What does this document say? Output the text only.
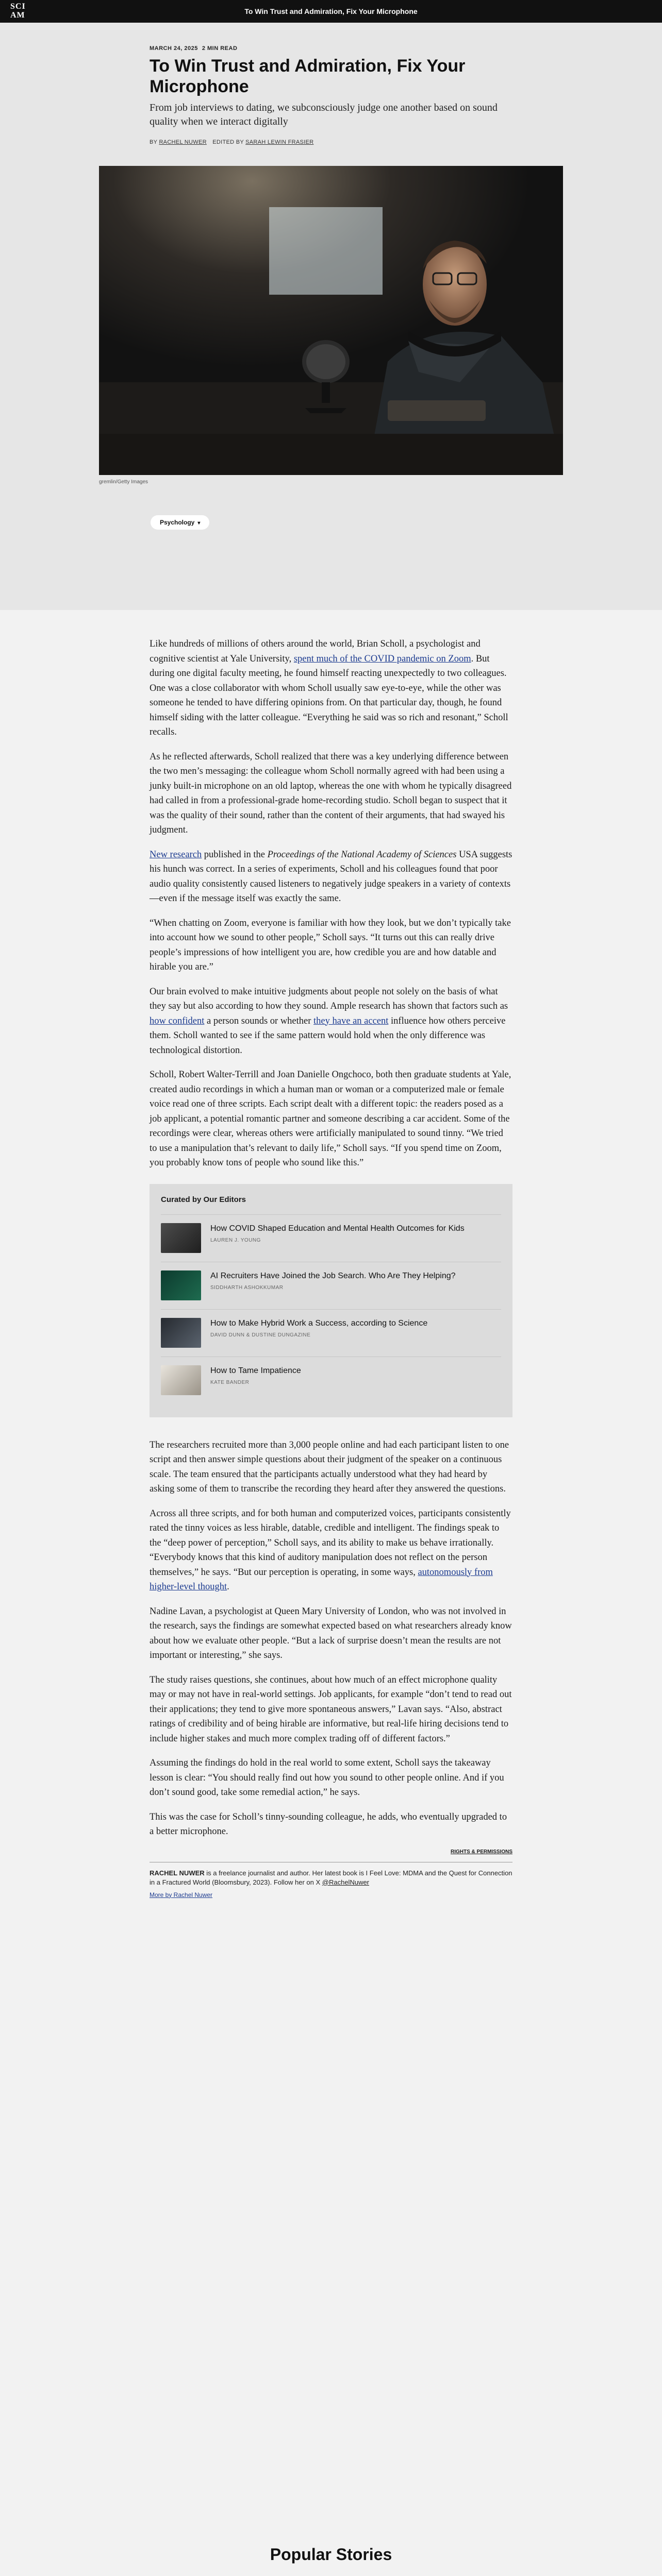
SCI
AM	To Win Trust and Admiration, Fix Your Microphone
MARCH 24, 2025 2 MIN READ
To Win Trust and Admiration, Fix Your Microphone

From job interviews to dating, we subconsciously judge one another based on sound quality when we interact digitally

BY RACHEL NUWER EDITED BY SARAH LEWIN FRASIER
gremlin/Getty Images
Psychology ▾

Like hundreds of millions of others around the world, Brian Scholl, a psychologist and cognitive scientist at Yale University, spent much of the COVID pandemic on Zoom. But during one digital faculty meeting, he found himself reacting unexpectedly to two colleagues. One was a close collaborator with whom Scholl usually saw eye-to-eye, while the other was someone he tended to have differing opinions from. On that particular day, though, he found himself siding with the latter colleague. “Everything he said was so rich and resonant,” Scholl recalls.

As he reflected afterwards, Scholl realized that there was a key underlying difference between the two men’s messaging: the colleague whom Scholl normally agreed with had been using a junky built-in microphone on an old laptop, whereas the one with whom he typically disagreed had called in from a professional-grade home-recording studio. Scholl began to suspect that it was the quality of their sound, rather than the content of their arguments, that had swayed his judgment.

New research published in the Proceedings of the National Academy of Sciences USA suggests his hunch was correct. In a series of experiments, Scholl and his colleagues found that poor audio quality consistently caused listeners to negatively judge speakers in a variety of contexts—even if the message itself was exactly the same.

“When chatting on Zoom, everyone is familiar with how they look, but we don’t typically take into account how we sound to other people,” Scholl says. “It turns out this can really drive people’s impressions of how intelligent you are, how credible you are and how datable and hirable you are.”

Our brain evolved to make intuitive judgments about people not solely on the basis of what they say but also according to how they sound. Ample research has shown that factors such as how confident a person sounds or whether they have an accent influence how others perceive them. Scholl wanted to see if the same pattern would hold when the only difference was technological distortion.

Scholl, Robert Walter-Terrill and Joan Danielle Ongchoco, both then graduate students at Yale, created audio recordings in which a human man or woman or a computerized male or female voice read one of three scripts. Each script dealt with a different topic: the readers posed as a job applicant, a potential romantic partner and someone describing a car accident. Some of the recordings were clear, whereas others were artificially manipulated to sound tinny. “We tried to use a manipulation that’s relevant to daily life,” Scholl says. “If you spend time on Zoom, you probably know tons of people who sound like this.”

Curated by Our Editors
How COVID Shaped Education and Mental Health Outcomes for Kids
LAUREN J. YOUNG
AI Recruiters Have Joined the Job Search. Who Are They Helping?
SIDDHARTH ASHOKKUMAR
How to Make Hybrid Work a Success, according to Science
DAVID DUNN & DUSTINE DUNGAZINE
How to Tame Impatience
KATE BANDER

The researchers recruited more than 3,000 people online and had each participant listen to one script and then answer simple questions about their judgment of the speaker on a continuous scale. The team ensured that the participants actually understood what they had heard by asking some of them to transcribe the recording they heard after they answered the questions.

Across all three scripts, and for both human and computerized voices, participants consistently rated the tinny voices as less hirable, datable, credible and intelligent. The findings speak to the “deep power of perception,” Scholl says, and its ability to make us behave irrationally. “Everybody knows that this kind of auditory manipulation does not reflect on the person themselves,” he says. “But our perception is operating, in some ways, autonomously from higher-level thought.

Nadine Lavan, a psychologist at Queen Mary University of London, who was not involved in the research, says the findings are somewhat expected based on what researchers already know about how we evaluate other people. “But a lack of surprise doesn’t mean the results are not important or interesting,” she says.

The study raises questions, she continues, about how much of an effect microphone quality may or may not have in real-world settings. Job applicants, for example “don’t tend to read out their applications; they tend to give more spontaneous answers,” Lavan says. “Also, abstract ratings of credibility and of being hirable are informative, but real-life hiring decisions tend to include higher stakes and much more complex trading off of different factors.”

Assuming the findings do hold in the real world to some extent, Scholl says the takeaway lesson is clear: “You should really find out how you sound to other people online. And if you don’t sound good, take some remedial action,” he says.

This was the case for Scholl’s tinny-sounding colleague, he adds, who eventually upgraded to a better microphone.

RIGHTS & PERMISSIONS
RACHEL NUWER is a freelance journalist and author. Her latest book is I Feel Love: MDMA and the Quest for Connection in a Fractured World (Bloomsbury, 2023). Follow her on X @RachelNuwer
More by Rachel Nuwer
Popular Stories
